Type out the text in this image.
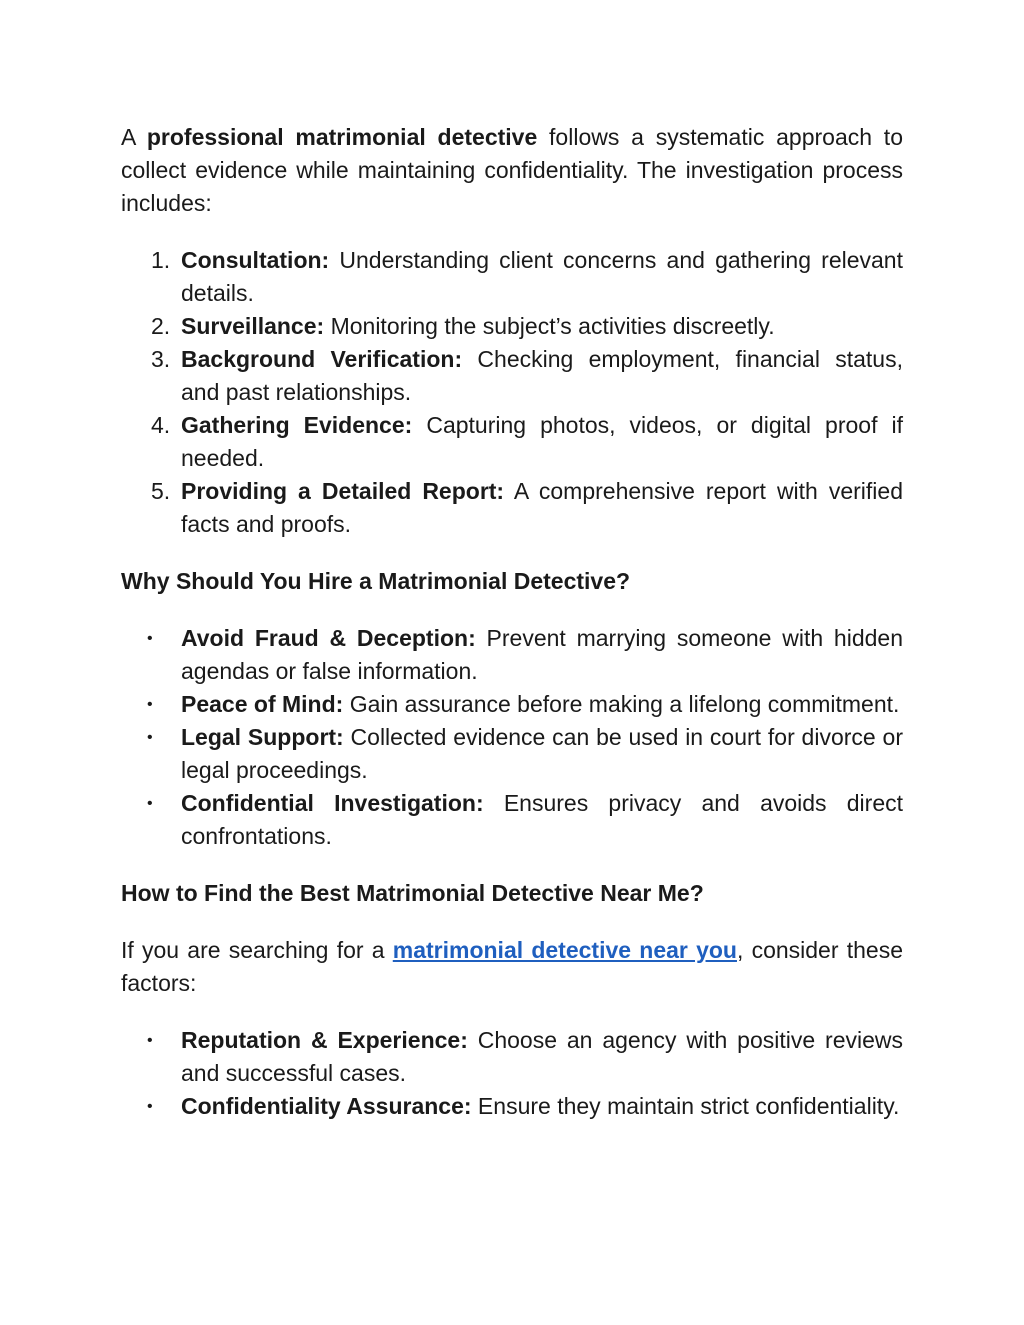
A professional matrimonial detective follows a systematic approach to collect evidence while maintaining confidentiality. The investigation process includes:

1. Consultation: Understanding client concerns and gathering relevant details.
2. Surveillance: Monitoring the subject’s activities discreetly.
3. Background Verification: Checking employment, financial status, and past relationships.
4. Gathering Evidence: Capturing photos, videos, or digital proof if needed.
5. Providing a Detailed Report: A comprehensive report with verified facts and proofs.

Why Should You Hire a Matrimonial Detective?

• Avoid Fraud & Deception: Prevent marrying someone with hidden agendas or false information.
• Peace of Mind: Gain assurance before making a lifelong commitment.
• Legal Support: Collected evidence can be used in court for divorce or legal proceedings.
• Confidential Investigation: Ensures privacy and avoids direct confrontations.

How to Find the Best Matrimonial Detective Near Me?

If you are searching for a matrimonial detective near you, consider these factors:

• Reputation & Experience: Choose an agency with positive reviews and successful cases.
• Confidentiality Assurance: Ensure they maintain strict confidentiality.
